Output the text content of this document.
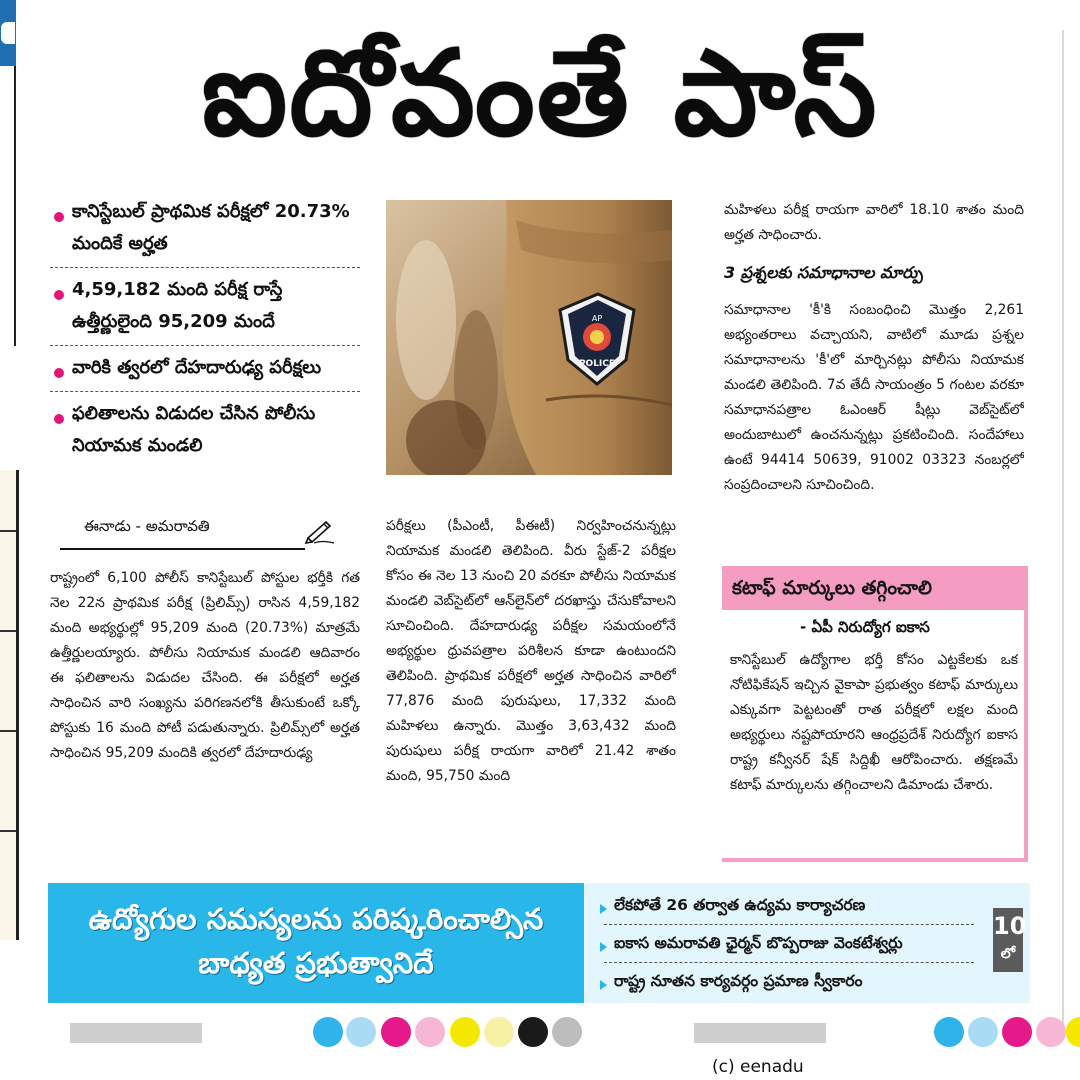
ఐదోవంతే పాస్
కానిస్టేబుల్ ప్రాథమిక పరీక్షలో 20.73% మందికే అర్హత
4,59,182 మంది పరీక్ష రాస్తే ఉత్తీర్ణులైంది 95,209 మందే
వారికి త్వరలో దేహదారుఢ్య పరీక్షలు
ఫలితాలను విడుదల చేసిన పోలీసు నియామక మండలి
ఈనాడు - అమరావతి
రాష్ట్రంలో 6,100 పోలీస్ కానిస్టేబుల్ పోస్టుల భర్తీకి గత నెల 22న ప్రాథమిక పరీక్ష (ప్రిలిమ్స్) రాసిన 4,59,182 మంది అభ్యర్థుల్లో 95,209 మంది (20.73%) మాత్రమే ఉత్తీర్ణులయ్యారు. పోలీసు నియామక మండలి ఆదివారం ఈ ఫలితాలను విడుదల చేసింది. ఈ పరీక్షలో అర్హత సాధించిన వారి సంఖ్యను పరిగణనలోకి తీసుకుంటే ఒక్కో పోస్టుకు 16 మంది పోటీ పడుతున్నారు. ప్రిలిమ్స్‌లో అర్హత సాధించిన 95,209 మందికి త్వరలో దేహదారుఢ్య
AP
POLICE
పరీక్షలు (పీఎంటీ, పీఈటీ) నిర్వహించనున్నట్లు నియామక మండలి తెలిపింది. వీరు స్టేజ్-2 పరీక్షల కోసం ఈ నెల 13 నుంచి 20 వరకూ పోలీసు నియామక మండలి వెబ్‌సైట్‌లో ఆన్‌లైన్‌లో దరఖాస్తు చేసుకోవాలని సూచించింది. దేహదారుఢ్య పరీక్షల సమయంలోనే అభ్యర్థుల ధ్రువపత్రాల పరిశీలన కూడా ఉంటుందని తెలిపింది. ప్రాథమిక పరీక్షలో అర్హత సాధించిన వారిలో 77,876 మంది పురుషులు, 17,332 మంది మహిళలు ఉన్నారు. మొత్తం 3,63,432 మంది పురుషులు పరీక్ష రాయగా వారిలో 21.42 శాతం మంది, 95,750 మంది
మహిళలు పరీక్ష రాయగా వారిలో 18.10 శాతం మంది అర్హత సాధించారు.
3 ప్రశ్నలకు సమాధానాల మార్పు
సమాధానాల 'కీ'కి సంబంధించి మొత్తం 2,261 అభ్యంతరాలు వచ్చాయని, వాటిలో మూడు ప్రశ్నల సమాధానాలను 'కీ'లో మార్చినట్లు పోలీసు నియామక మండలి తెలిపింది. 7వ తేదీ సాయంత్రం 5 గంటల వరకూ సమాధానపత్రాల ఓఎంఆర్ షీట్లు వెబ్‌సైట్‌లో అందుబాటులో ఉంచనున్నట్లు ప్రకటించింది. సందేహాలు ఉంటే 94414 50639, 91002 03323 నంబర్లలో సంప్రదించాలని సూచించింది.
కటాఫ్ మార్కులు తగ్గించాలి
- ఏపీ నిరుద్యోగ ఐకాస
కానిస్టేబుల్ ఉద్యోగాల భర్తీ కోసం ఎట్టకేలకు ఒక నోటిఫికేషన్ ఇచ్చిన వైకాపా ప్రభుత్వం కటాఫ్ మార్కులు ఎక్కువగా పెట్టటంతో రాత పరీక్షలో లక్షల మంది అభ్యర్థులు నష్టపోయారని ఆంధ్రప్రదేశ్ నిరుద్యోగ ఐకాస రాష్ట్ర కన్వీనర్ షేక్ సిద్దిఖీ ఆరోపించారు. తక్షణమే కటాఫ్ మార్కులను తగ్గించాలని డిమాండు చేశారు.
ఉద్యోగుల సమస్యలను పరిష్కరించాల్సిన
బాధ్యత ప్రభుత్వానిదే
లేకపోతే 26 తర్వాత ఉద్యమ కార్యాచరణ
ఐకాస అమరావతి ఛైర్మన్ బొప్పరాజు వెంకటేశ్వర్లు
రాష్ట్ర నూతన కార్యవర్గం ప్రమాణ స్వీకారం
10
లో
(c) eenadu
